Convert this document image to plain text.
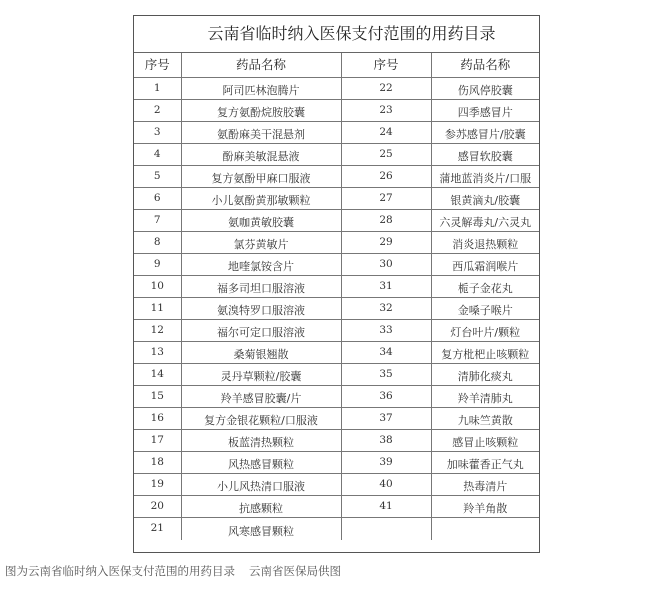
云南省临时纳入医保支付范围的用药目录
序号	药品名称	序号	药品名称
1	阿司匹林泡腾片	22	伤风停胶囊
2	复方氨酚烷胺胶囊	23	四季感冒片
3	氨酚麻美干混悬剂	24	参苏感冒片/胶囊
4	酚麻美敏混悬液	25	感冒软胶囊
5	复方氨酚甲麻口服液	26	蒲地蓝消炎片/口服
6	小儿氨酚黄那敏颗粒	27	银黄滴丸/胶囊
7	氨咖黄敏胶囊	28	六灵解毒丸/六灵丸
8	氯芬黄敏片	29	消炎退热颗粒
9	地喹氯铵含片	30	西瓜霜润喉片
10	福多司坦口服溶液	31	栀子金花丸
11	氨溴特罗口服溶液	32	金嗓子喉片
12	福尔可定口服溶液	33	灯台叶片/颗粒
13	桑菊银翘散	34	复方枇杷止咳颗粒
14	灵丹草颗粒/胶囊	35	清肺化痰丸
15	羚羊感冒胶囊/片	36	羚羊清肺丸
16	复方金银花颗粒/口服液	37	九味竺黄散
17	板蓝清热颗粒	38	感冒止咳颗粒
18	风热感冒颗粒	39	加味藿香正气丸
19	小儿风热清口服液	40	热毒清片
20	抗感颗粒	41	羚羊角散
21	风寒感冒颗粒		
图为云南省临时纳入医保支付范围的用药目录 云南省医保局供图
